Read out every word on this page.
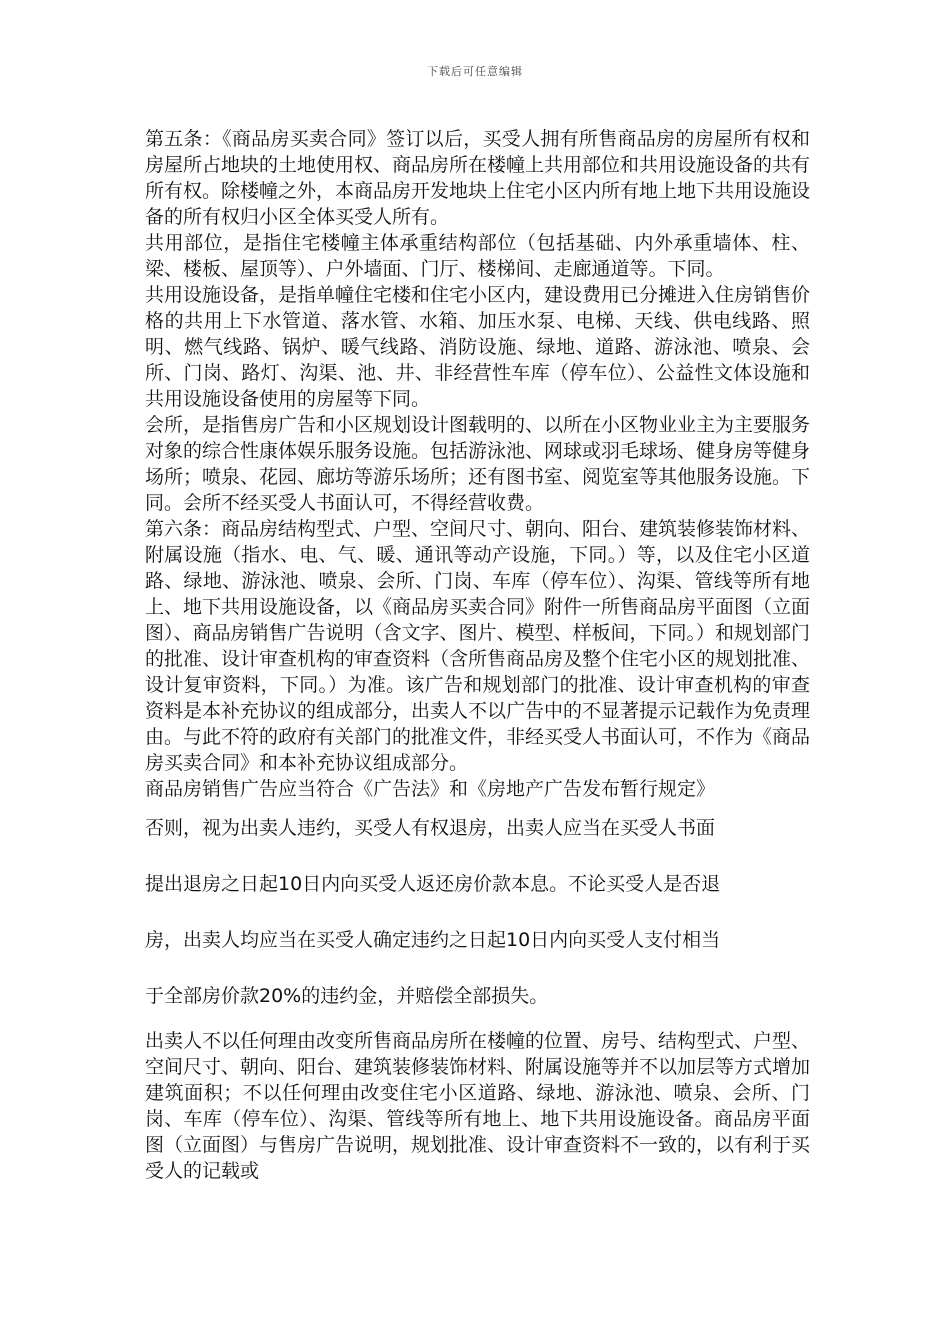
下载后可任意编辑

第五条：《商品房买卖合同》签订以后，买受人拥有所售商品房的房屋所有权和房屋所占地块的土地使用权、商品房所在楼幢上共用部位和共用设施设备的共有所有权。除楼幢之外，本商品房开发地块上住宅小区内所有地上地下共用设施设备的所有权归小区全体买受人所有。

共用部位，是指住宅楼幢主体承重结构部位（包括基础、内外承重墙体、柱、梁、楼板、屋顶等）、户外墙面、门厅、楼梯间、走廊通道等。下同。

共用设施设备，是指单幢住宅楼和住宅小区内，建设费用已分摊进入住房销售价格的共用上下水管道、落水管、水箱、加压水泵、电梯、天线、供电线路、照明、燃气线路、锅炉、暖气线路、消防设施、绿地、道路、游泳池、喷泉、会所、门岗、路灯、沟渠、池、井、非经营性车库（停车位）、公益性文体设施和共用设施设备使用的房屋等下同。

会所，是指售房广告和小区规划设计图载明的、以所在小区物业业主为主要服务对象的综合性康体娱乐服务设施。包括游泳池、网球或羽毛球场、健身房等健身场所；喷泉、花园、廊坊等游乐场所；还有图书室、阅览室等其他服务设施。下同。会所不经买受人书面认可，不得经营收费。

第六条：商品房结构型式、户型、空间尺寸、朝向、阳台、建筑装修装饰材料、附属设施（指水、电、气、暖、通讯等动产设施，下同。）等，以及住宅小区道路、绿地、游泳池、喷泉、会所、门岗、车库（停车位）、沟渠、管线等所有地上、地下共用设施设备，以《商品房买卖合同》附件一所售商品房平面图（立面图）、商品房销售广告说明（含文字、图片、模型、样板间，下同。）和规划部门的批准、设计审查机构的审查资料（含所售商品房及整个住宅小区的规划批准、设计复审资料，下同。）为准。该广告和规划部门的批准、设计审查机构的审查资料是本补充协议的组成部分，出卖人不以广告中的不显著提示记载作为免责理由。与此不符的政府有关部门的批准文件，非经买受人书面认可，不作为《商品房买卖合同》和本补充协议组成部分。

商品房销售广告应当符合《广告法》和《房地产广告发布暂行规定》

否则，视为出卖人违约，买受人有权退房，出卖人应当在买受人书面

提出退房之日起10日内向买受人返还房价款本息。不论买受人是否退

房，出卖人均应当在买受人确定违约之日起10日内向买受人支付相当

于全部房价款20%的违约金，并赔偿全部损失。

出卖人不以任何理由改变所售商品房所在楼幢的位置、房号、结构型式、户型、空间尺寸、朝向、阳台、建筑装修装饰材料、附属设施等并不以加层等方式增加建筑面积；不以任何理由改变住宅小区道路、绿地、游泳池、喷泉、会所、门岗、车库（停车位）、沟渠、管线等所有地上、地下共用设施设备。商品房平面图（立面图）与售房广告说明，规划批准、设计审查资料不一致的，以有利于买受人的记载或
